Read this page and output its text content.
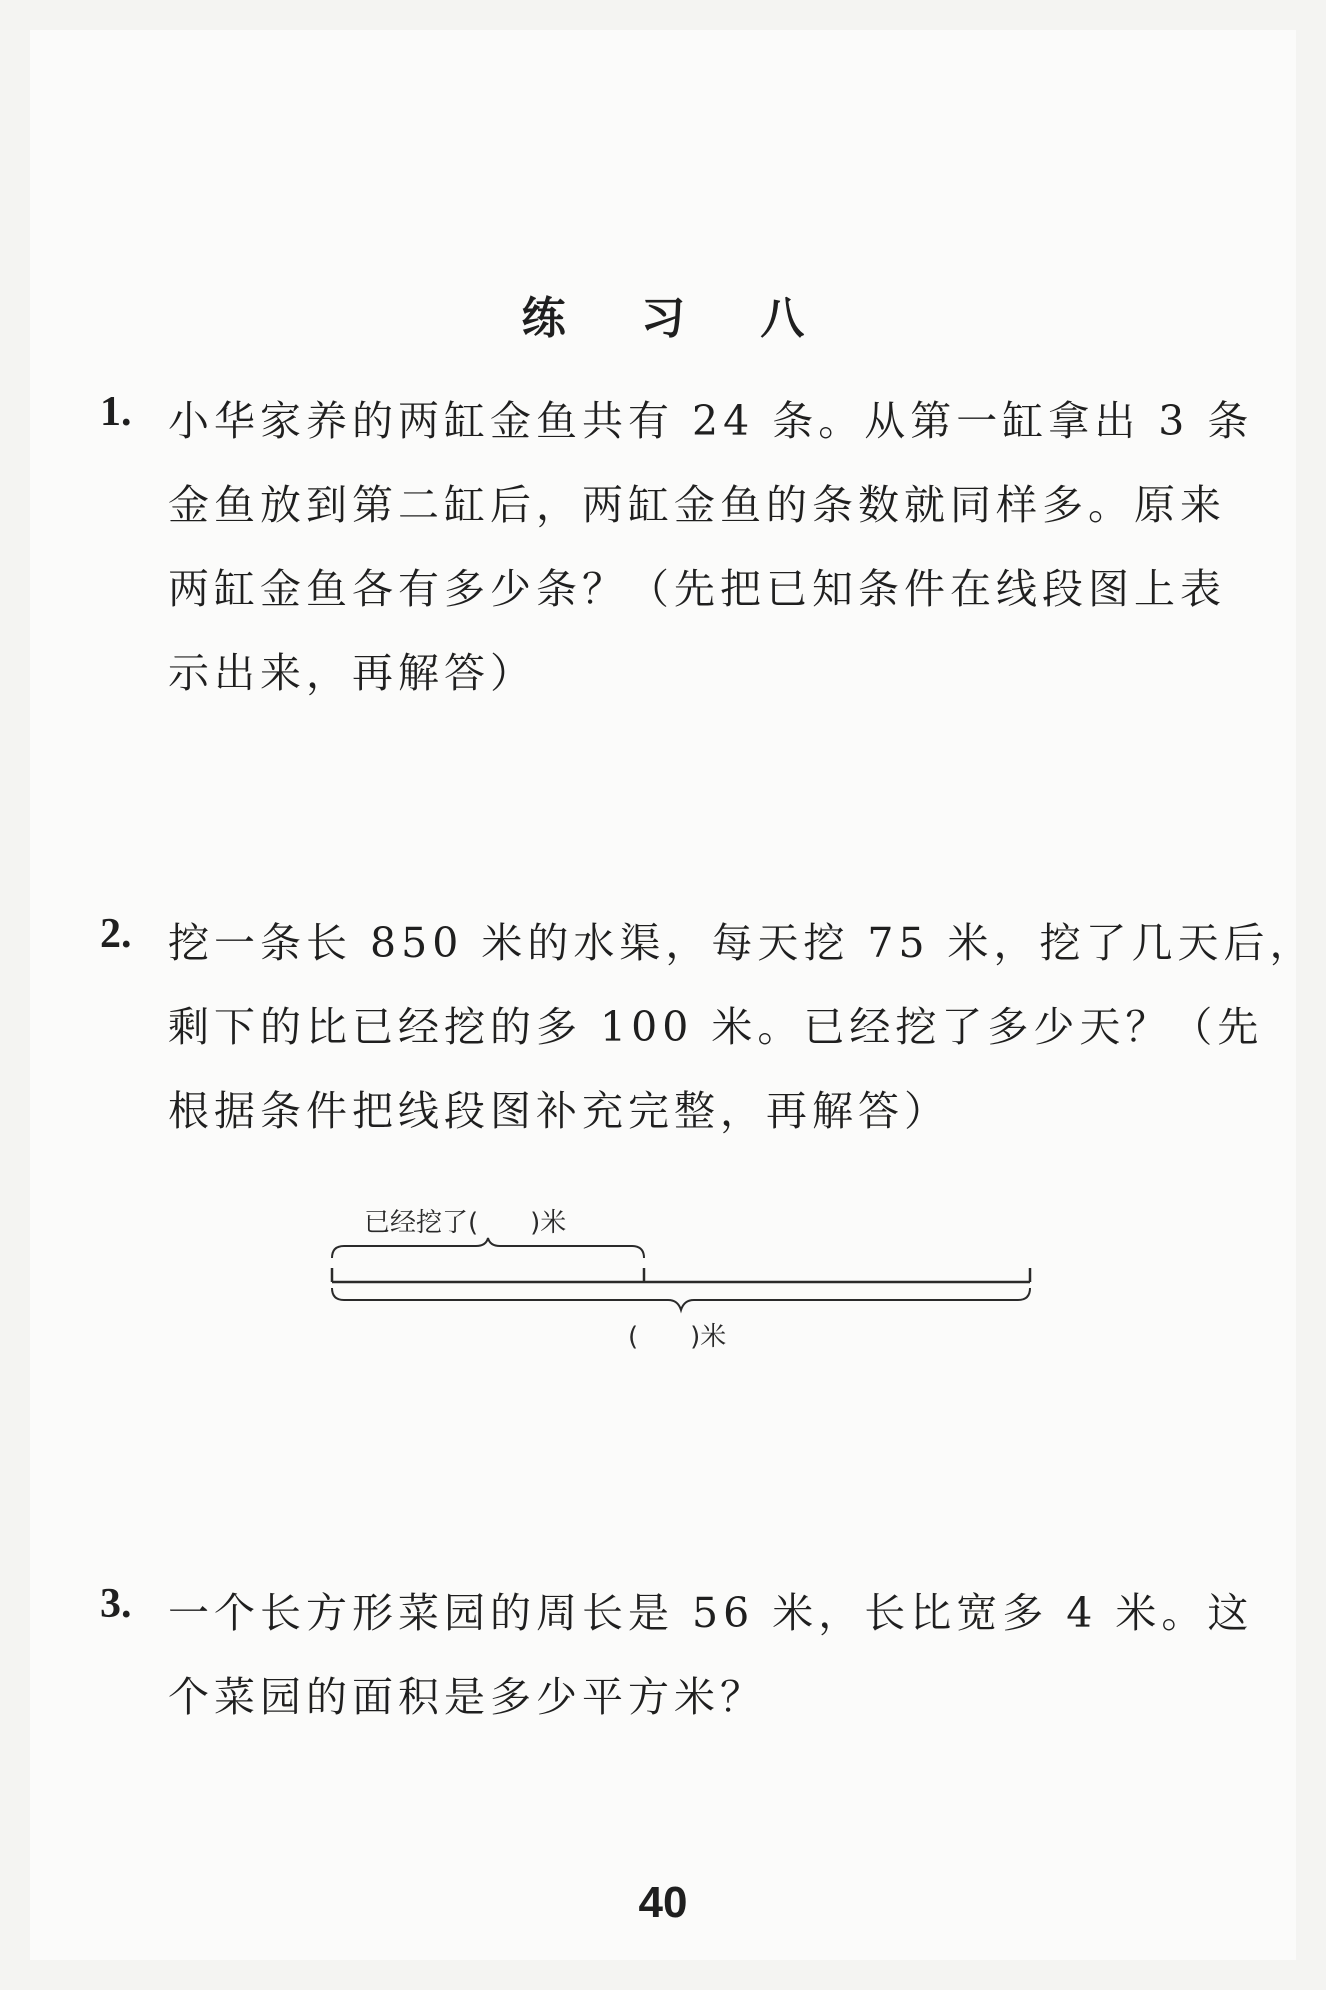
练 习 八
1. 小华家养的两缸金鱼共有 24 条。从第一缸拿出 3 条
金鱼放到第二缸后，两缸金鱼的条数就同样多。原来
两缸金鱼各有多少条？（先把已知条件在线段图上表
示出来，再解答）
2. 挖一条长 850 米的水渠，每天挖 75 米，挖了几天后，
剩下的比已经挖的多 100 米。已经挖了多少天？（先
根据条件把线段图补充完整，再解答）
已经挖了(　　)米
(　　)米
3. 一个长方形菜园的周长是 56 米，长比宽多 4 米。这
个菜园的面积是多少平方米？
40
